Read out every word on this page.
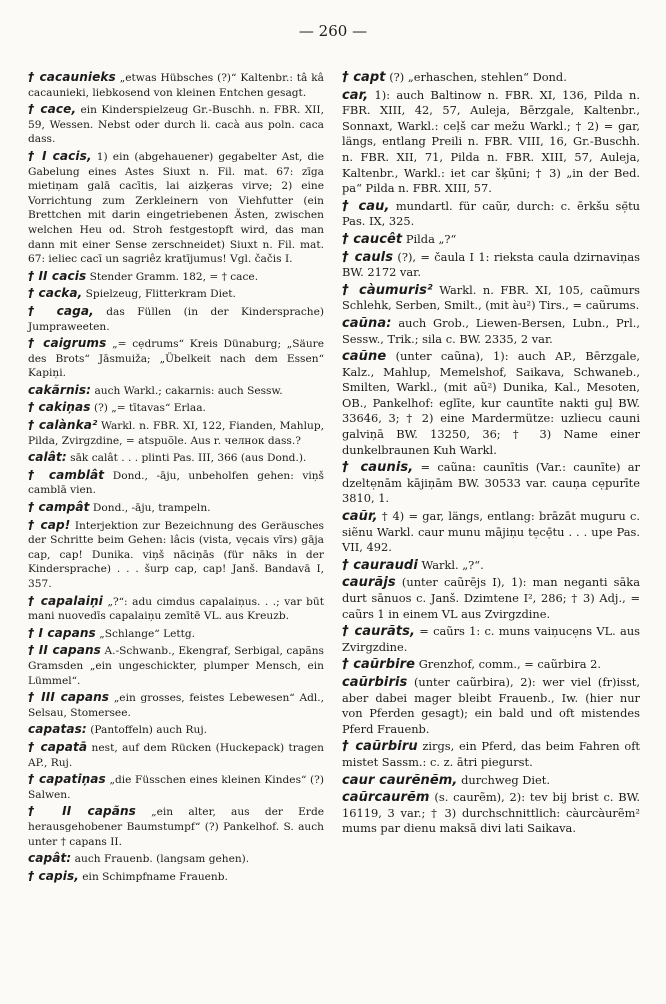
— 260 —

† cacaunieks „etwas Hübsches (?)“ Kaltenbr.: tâ kâ cacaunieki, liebkosend von kleinen Entchen gesagt.

† cace, ein Kinderspielzeug Gr.-Buschh. n. FBR. XII, 59, Wessen. Nebst oder durch li. cacà aus poln. caca dass.

† I cacis, 1) ein (abgehauener) gegabelter Ast, die Gabelung eines Astes Siuxt n. Fil. mat. 67: zīga mietiņam galā cacītis, lai aizķeras virve; 2) eine Vorrichtung zum Zerkleinern von Viehfutter (ein Brettchen mit darin eingetriebenen Ästen, zwischen welchen Heu od. Stroh festgestopft wird, das man dann mit einer Sense zerschneidet) Siuxt n. Fil. mat. 67: ieliec cacī un sagriêz kratījumus! Vgl. čačis I.

† II cacis Stender Gramm. 182, = † cace.

† cacka, Spielzeug, Flitterkram Diet.

† caga, das Füllen (in der Kindersprache) Jumpraweeten.

† caigrums „= cẹdrums“ Kreis Dünaburg; „Säure des Brots“ Jāsmuiža; „Übelkeit nach dem Essen“ Kapiņi.

cakãrnis: auch Warkl.; cakarnis: auch Sessw.

† cakiņas (?) „= tītavas“ Erlaa.

† calànka² Warkl. n. FBR. XI, 122, Fianden, Mahlup, Pilda, Zvirgzdine, = atspuõle. Aus r. челнок dass.?

calât: sāk calât . . . plinti Pas. III, 366 (aus Dond.).

† camblât Dond., -āju, unbeholfen gehen: viņš camblā vien.

† campât Dond., -āju, trampeln.

† cap! Interjektion zur Bezeichnung des Geräusches der Schritte beim Gehen: lâcis (vista, vẹcais vīrs) gāja cap, cap! Dunika. viņš nāciņās (für nāks in der Kindersprache) . . . šurp cap, cap! Janš. Bandavā I, 357.

† capalaiņi „?“: adu cimdus capalaiņus. . .; var būt mani nuovedīs capalaiņu zemītē VL. aus Kreuzb.

† I capans „Schlange“ Lettg.

† II capans A.-Schwanb., Ekengraf, Serbigal, capãns Gramsden „ein ungeschickter, plumper Mensch, ein Lümmel“.

† III capans „ein grosses, feistes Lebewesen“ Adl., Selsau, Stomersee.

capatas: (Pantoffeln) auch Ruj.

† capatā nest, auf dem Rücken (Huckepack) tragen AP., Ruj.

† capatiņas „die Füsschen eines kleinen Kindes“ (?) Salwen.

† II capãns „ein alter, aus der Erde herausgehobener Baumstumpf“ (?) Pankelhof. S. auch unter † capans II.

capât: auch Frauenb. (langsam gehen).

† capis, ein Schimpfname Frauenb.

† capt (?) „erhaschen, stehlen“ Dond.

car, 1): auch Baltinow n. FBR. XI, 136, Pilda n. FBR. XIII, 42, 57, Auleja, Bērzgale, Kaltenbr., Sonnaxt, Warkl.: ceļš car mežu Warkl.; † 2) = gar, längs, entlang Preili n. FBR. VIII, 16, Gr.-Buschh. n. FBR. XII, 71, Pilda n. FBR. XIII, 57, Auleja, Kaltenbr., Warkl.: iet car šķūni; † 3) „in der Bed. pa“ Pilda n. FBR. XIII, 57.

† cau, mundartl. für caũr, durch: c. ērkšu sẹ̄tu Pas. IX, 325.

† caucêt Pilda „?“

† cauls (?), = čaula I 1: rieksta caula dzirnaviņas BW. 2172 var.

† càumuris² Warkl. n. FBR. XI, 105, caũmurs Schlehk, Serben, Smilt., (mit àu²) Tirs., = caũrums.

caũna: auch Grob., Liewen-Bersen, Lubn., Prl., Sessw., Trik.; sila c. BW. 2335, 2 var.

caũne (unter caũna), 1): auch AP., Bērzgale, Kalz., Mahlup, Memelshof, Saikava, Schwaneb., Smilten, Warkl., (mit aũ²) Dunika, Kal., Mesoten, OB., Pankelhof: eglīte, kur cauntīte nakti guļ BW. 33646, 3; † 2) eine Mardermütze: uzliecu cauni galviņā BW. 13250, 36; † 3) Name einer dunkelbraunen Kuh Warkl.

† caunis, = caũna: caunītis (Var.: caunīte) ar dzeltẹnām kājiņām BW. 30533 var. cauņa cẹpurīte 3810, 1.

caũr, † 4) = gar, längs, entlang: brāzāt muguru c. siẽnu Warkl. caur munu mājiņu tẹcẹ̄tu . . . upe Pas. VII, 492.

† cauraudi Warkl. „?“.

caurãjs (unter caũrējs I), 1): man neganti sāka durt sānuos c. Janš. Dzimtene I², 286; † 3) Adj., = caũrs 1 in einem VL aus Zvirgzdine.

† caurãts, = caũrs 1: c. muns vaiņucẹns VL. aus Zvirgzdine.

† caũrbire Grenzhof, comm., = caũrbira 2.

caũrbiris (unter caũrbira), 2): wer viel (fr)isst, aber dabei mager bleibt Frauenb., Iw. (hier nur von Pferden gesagt); ein bald und oft mistendes Pferd Frauenb.

† caũrbiru zirgs, ein Pferd, das beim Fahren oft mistet Sassm.: c. z. ātri piegurst.

caur caurẽnẽm, durchweg Diet.

caũrcaurẽm (s. caurẽm), 2): tev bij brist c. BW. 16119, 3 var.; † 3) durchschnittlich: càurcàurẽm² mums par dienu maksā divi lati Saikava.
